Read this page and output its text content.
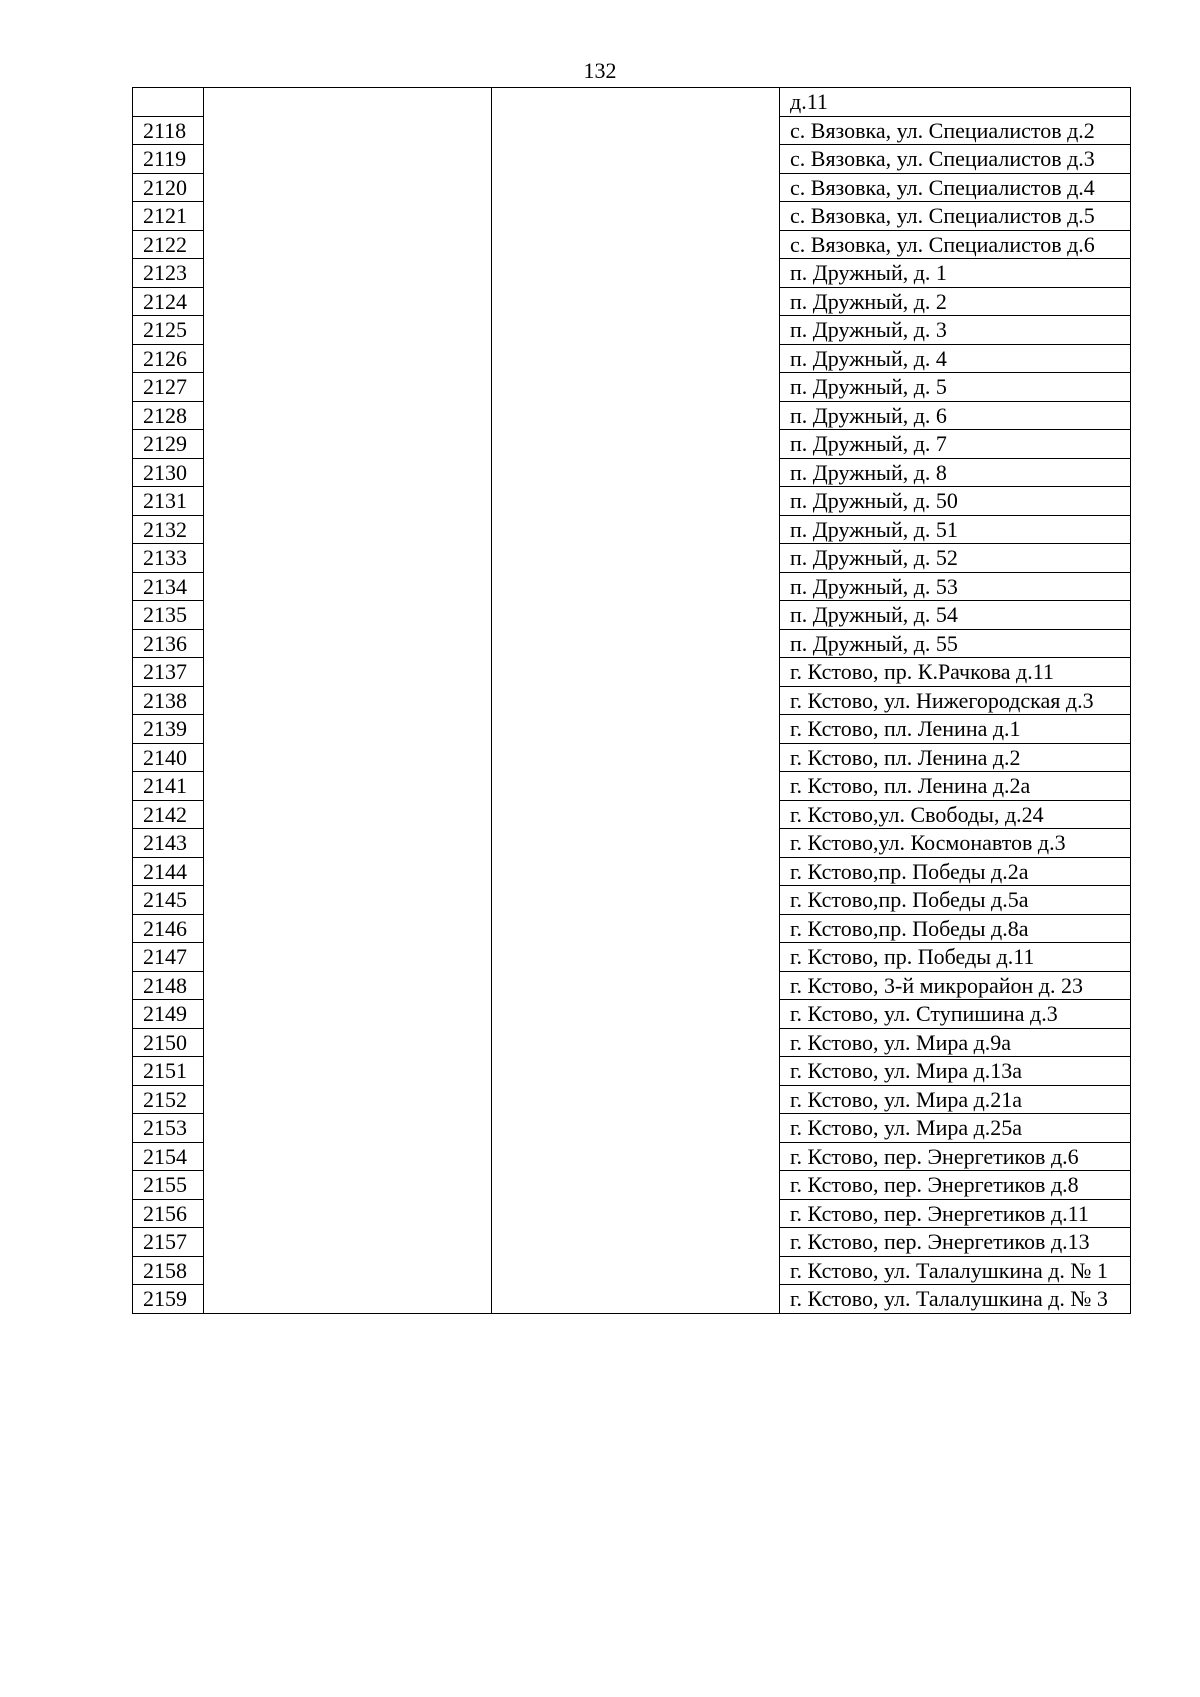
132
			д.11
2118			с. Вязовка, ул. Специалистов д.2
2119			с. Вязовка, ул. Специалистов д.3
2120			с. Вязовка, ул. Специалистов д.4
2121			с. Вязовка, ул. Специалистов д.5
2122			с. Вязовка, ул. Специалистов д.6
2123			п. Дружный, д. 1
2124			п. Дружный, д. 2
2125			п. Дружный, д. 3
2126			п. Дружный, д. 4
2127			п. Дружный, д. 5
2128			п. Дружный, д. 6
2129			п. Дружный, д. 7
2130			п. Дружный, д. 8
2131			п. Дружный, д. 50
2132			п. Дружный, д. 51
2133			п. Дружный, д. 52
2134			п. Дружный, д. 53
2135			п. Дружный, д. 54
2136			п. Дружный, д. 55
2137			г. Кстово, пр. К.Рачкова д.11
2138			г. Кстово, ул. Нижегородская д.3
2139			г. Кстово, пл. Ленина д.1
2140			г. Кстово, пл. Ленина д.2
2141			г. Кстово, пл. Ленина д.2а
2142			г. Кстово,ул. Свободы, д.24
2143			г. Кстово,ул. Космонавтов д.3
2144			г. Кстово,пр. Победы д.2а
2145			г. Кстово,пр. Победы д.5а
2146			г. Кстово,пр. Победы д.8а
2147			г. Кстово, пр. Победы д.11
2148			г. Кстово, 3-й микрорайон д. 23
2149			г. Кстово, ул. Ступишина д.3
2150			г. Кстово, ул. Мира д.9а
2151			г. Кстово, ул. Мира д.13а
2152			г. Кстово, ул. Мира д.21а
2153			г. Кстово, ул. Мира д.25а
2154			г. Кстово, пер. Энергетиков д.6
2155			г. Кстово, пер. Энергетиков д.8
2156			г. Кстово, пер. Энергетиков д.11
2157			г. Кстово, пер. Энергетиков д.13
2158			г. Кстово, ул. Талалушкина д. № 1
2159			г. Кстово, ул. Талалушкина д. № 3
